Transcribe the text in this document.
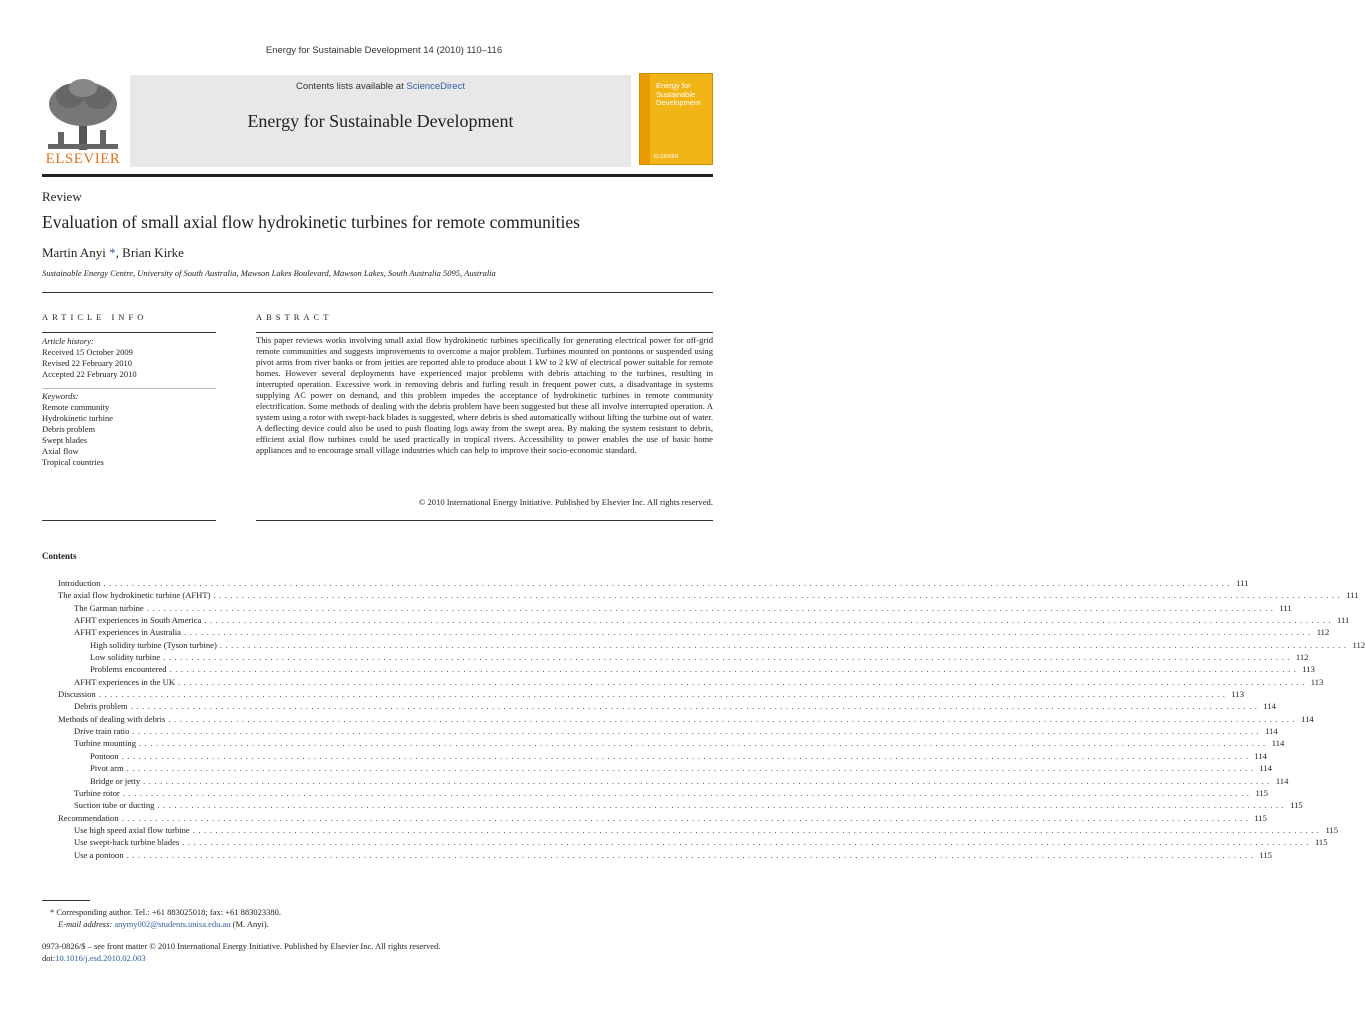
Energy for Sustainable Development 14 (2010) 110–116
ELSEVIER
Contents lists available at ScienceDirect
Energy for Sustainable Development
Energy for Sustainable Development
ELSEVIER
Review
Evaluation of small axial flow hydrokinetic turbines for remote communities
Martin Anyi *, Brian Kirke
Sustainable Energy Centre, University of South Australia, Mawson Lakes Boulevard, Mawson Lakes, South Australia 5095, Australia
ARTICLE INFO	ABSTRACT
Article history:
Received 15 October 2009
Revised 22 February 2010
Accepted 22 February 2010
Keywords:
Remote community
Hydrokinetic turbine
Debris problem
Swept blades
Axial flow
Tropical countries
This paper reviews works involving small axial flow hydrokinetic turbines specifically for generating electrical power for off-grid remote communities and suggests improvements to overcome a major problem. Turbines mounted on pontoons or suspended using pivot arms from river banks or from jetties are reported able to produce about 1 kW to 2 kW of electrical power suitable for remote homes. However several deployments have experienced major problems with debris attaching to the turbines, resulting in interrupted operation. Excessive work in removing debris and furling result in frequent power cuts, a disadvantage in systems supplying AC power on demand, and this problem impedes the acceptance of hydrokinetic turbines in remote community electrification. Some methods of dealing with the debris problem have been suggested but these all involve interrupted operation. A system using a rotor with swept-back blades is suggested, where debris is shed automatically without lifting the turbine out of water. A deflecting device could also be used to push floating logs away from the swept area. By making the system resistant to debris, efficient axial flow turbines could be used practically in tropical rivers. Accessibility to power enables the use of basic home appliances and to encourage small village industries which can help to improve their socio-economic standard.
© 2010 International Energy Initiative. Published by Elsevier Inc. All rights reserved.
Contents
Introduction ........................................................................................................................................................................................................ 111
The axial flow hydrokinetic turbine (AFHT) ........................................................................................................................................................................................................ 111
The Garman turbine ........................................................................................................................................................................................................ 111
AFHT experiences in South America ........................................................................................................................................................................................................ 111
AFHT experiences in Australia ........................................................................................................................................................................................................ 112
High solidity turbine (Tyson turbine) ........................................................................................................................................................................................................ 112
Low solidity turbine ........................................................................................................................................................................................................ 112
Problems encountered ........................................................................................................................................................................................................ 113
AFHT experiences in the UK ........................................................................................................................................................................................................ 113
Discussion ........................................................................................................................................................................................................ 113
Debris problem ........................................................................................................................................................................................................ 114
Methods of dealing with debris ........................................................................................................................................................................................................ 114
Drive train ratio ........................................................................................................................................................................................................ 114
Turbine mounting ........................................................................................................................................................................................................ 114
Pontoon ........................................................................................................................................................................................................ 114
Pivot arm ........................................................................................................................................................................................................ 114
Bridge or jetty ........................................................................................................................................................................................................ 114
Turbine rotor ........................................................................................................................................................................................................ 115
Suction tube or ducting ........................................................................................................................................................................................................ 115
Recommendation ........................................................................................................................................................................................................ 115
Use high speed axial flow turbine ........................................................................................................................................................................................................ 115
Use swept-back turbine blades ........................................................................................................................................................................................................ 115
Use a pontoon ........................................................................................................................................................................................................ 115
* Corresponding author. Tel.: +61 883025018; fax: +61 883023380.
E-mail address: anymy002@students.unisa.edu.au (M. Anyi).
0973-0826/$ – see front matter © 2010 International Energy Initiative. Published by Elsevier Inc. All rights reserved.
doi:10.1016/j.esd.2010.02.003
